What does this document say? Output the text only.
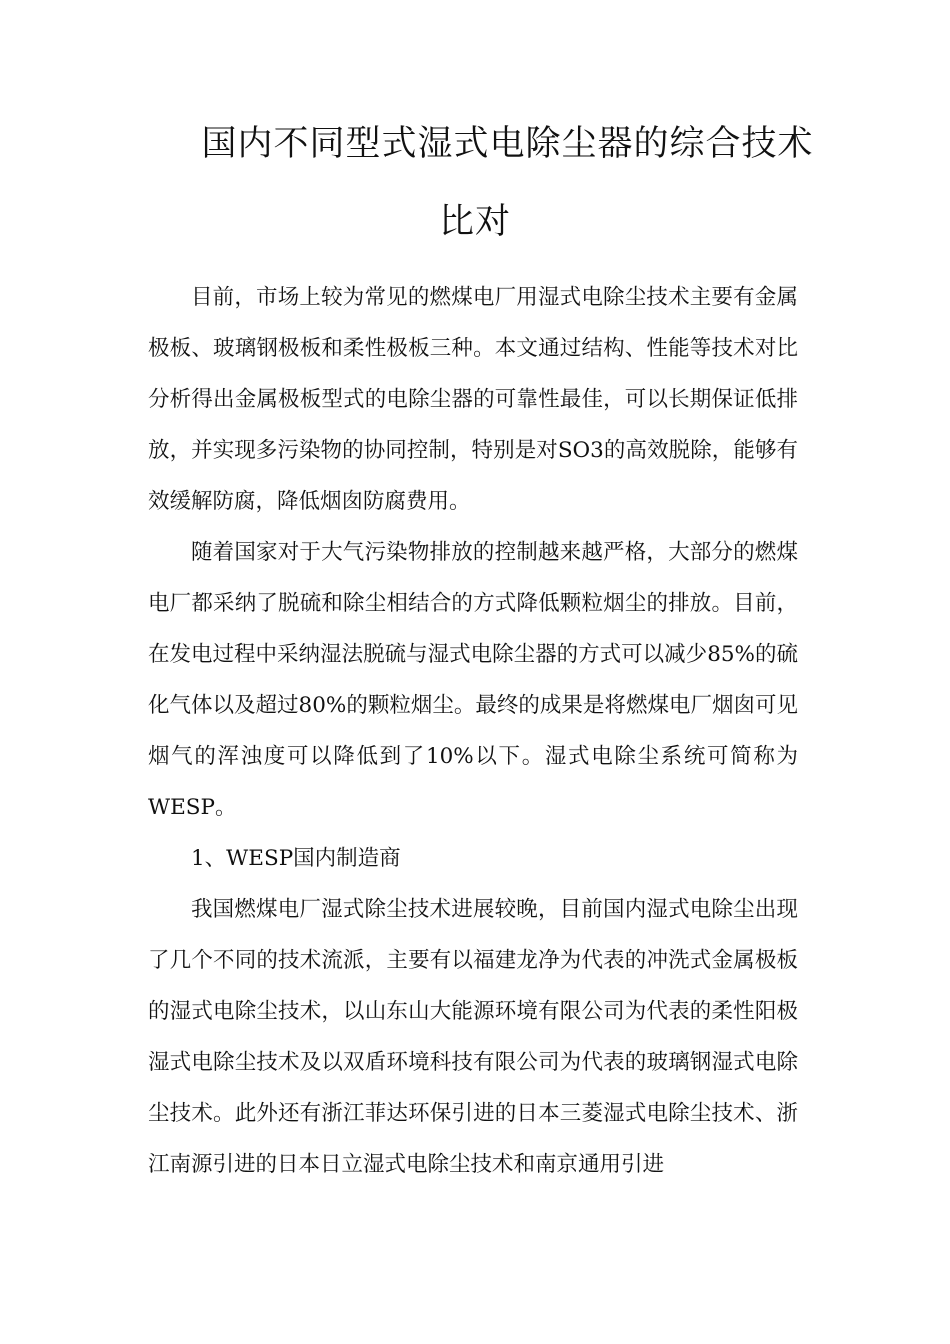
国内不同型式湿式电除尘器的综合技术
比对

目前，市场上较为常见的燃煤电厂用湿式电除尘技术主要有金属极板、玻璃钢极板和柔性极板三种。本文通过结构、性能等技术对比分析得出金属极板型式的电除尘器的可靠性最佳，可以长期保证低排放，并实现多污染物的协同控制，特别是对SO3的高效脱除，能够有效缓解防腐，降低烟囱防腐费用。

随着国家对于大气污染物排放的控制越来越严格，大部分的燃煤电厂都采纳了脱硫和除尘相结合的方式降低颗粒烟尘的排放。目前，在发电过程中采纳湿法脱硫与湿式电除尘器的方式可以减少85%的硫化气体以及超过80%的颗粒烟尘。最终的成果是将燃煤电厂烟囱可见烟气的浑浊度可以降低到了10%以下。湿式电除尘系统可简称为WESP。

1、WESP国内制造商

我国燃煤电厂湿式除尘技术进展较晚，目前国内湿式电除尘出现了几个不同的技术流派，主要有以福建龙净为代表的冲洗式金属极板的湿式电除尘技术，以山东山大能源环境有限公司为代表的柔性阳极湿式电除尘技术及以双盾环境科技有限公司为代表的玻璃钢湿式电除尘技术。此外还有浙江菲达环保引进的日本三菱湿式电除尘技术、浙江南源引进的日本日立湿式电除尘技术和南京通用引进
